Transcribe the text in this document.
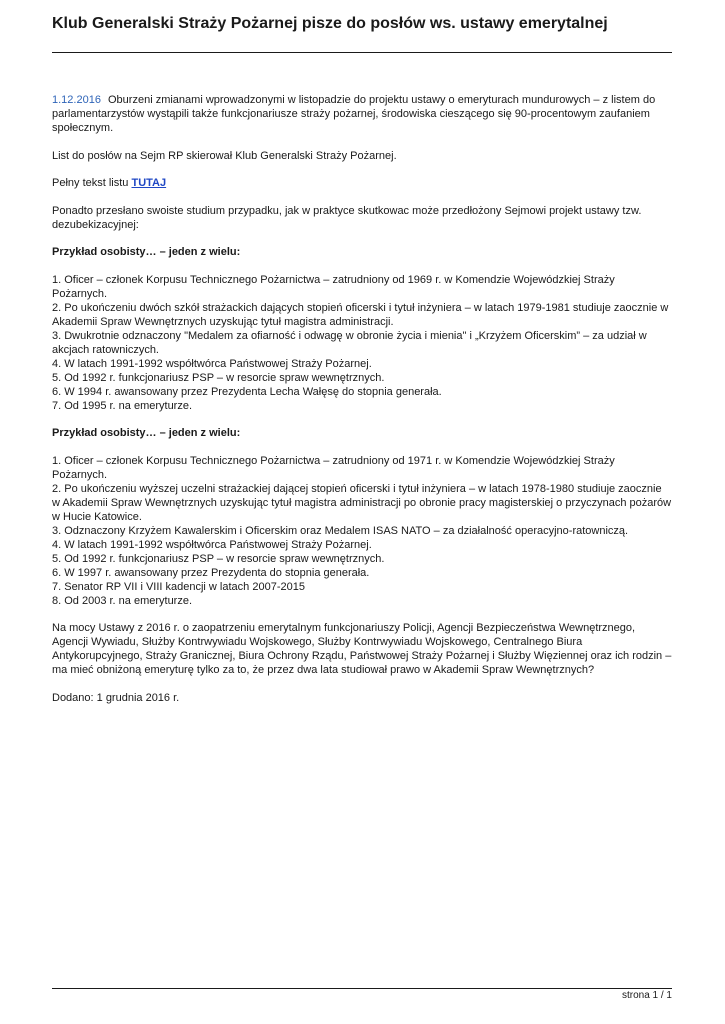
Klub Generalski Straży Pożarnej pisze do posłów ws. ustawy emerytalnej

1.12.2016 Oburzeni zmianami wprowadzonymi w listopadzie do projektu ustawy o emeryturach mundurowych – z listem do parlamentarzystów wystąpili także funkcjonariusze straży pożarnej, środowiska cieszącego się 90-procentowym zaufaniem społecznym.

List do posłów na Sejm RP skierował Klub Generalski Straży Pożarnej.

Pełny tekst listu TUTAJ

Ponadto przesłano swoiste studium przypadku, jak w praktyce skutkowac może przedłożony Sejmowi projekt ustawy tzw. dezubekizacyjnej:

Przykład osobisty… – jeden z wielu:

1. Oficer – członek Korpusu Technicznego Pożarnictwa – zatrudniony od 1969 r. w Komendzie Wojewódzkiej Straży Pożarnych.
2. Po ukończeniu dwóch szkół strażackich dających stopień oficerski i tytuł inżyniera – w latach 1979-1981 studiuje zaocznie w Akademii Spraw Wewnętrznych uzyskując tytuł magistra administracji.
3. Dwukrotnie odznaczony "Medalem za ofiarność i odwagę w obronie życia i mienia" i „Krzyżem Oficerskim” – za udział w akcjach ratowniczych.
4. W latach 1991-1992 współtwórca Państwowej Straży Pożarnej.
5. Od 1992 r. funkcjonariusz PSP – w resorcie spraw wewnętrznych.
6. W 1994 r. awansowany przez Prezydenta Lecha Wałęsę do stopnia generała.
7. Od 1995 r. na emeryturze.

Przykład osobisty… – jeden z wielu:

1. Oficer – członek Korpusu Technicznego Pożarnictwa – zatrudniony od 1971 r. w Komendzie Wojewódzkiej Straży Pożarnych.
2. Po ukończeniu wyższej uczelni strażackiej dającej stopień oficerski i tytuł inżyniera – w latach 1978-1980 studiuje zaocznie w Akademii Spraw Wewnętrznych uzyskując tytuł magistra administracji po obronie pracy magisterskiej o przyczynach pożarów w Hucie Katowice.
3. Odznaczony Krzyżem Kawalerskim i Oficerskim oraz Medalem ISAS NATO – za działalność operacyjno-ratowniczą.
4. W latach 1991-1992 współtwórca Państwowej Straży Pożarnej.
5. Od 1992 r. funkcjonariusz PSP – w resorcie spraw wewnętrznych.
6. W 1997 r. awansowany przez Prezydenta do stopnia generała.
7. Senator RP VII i VIII kadencji w latach 2007-2015
8. Od 2003 r. na emeryturze.

Na mocy Ustawy z 2016 r. o zaopatrzeniu emerytalnym funkcjonariuszy Policji, Agencji Bezpieczeństwa Wewnętrznego, Agencji Wywiadu, Służby Kontrwywiadu Wojskowego, Służby Kontrwywiadu Wojskowego, Centralnego Biura Antykorupcyjnego, Straży Granicznej, Biura Ochrony Rządu, Państwowej Straży Pożarnej i Służby Więziennej oraz ich rodzin – ma mieć obniżoną emeryturę tylko za to, że przez dwa lata studiował prawo w Akademii Spraw Wewnętrznych?

Dodano: 1 grudnia 2016 r.

strona 1 / 1
